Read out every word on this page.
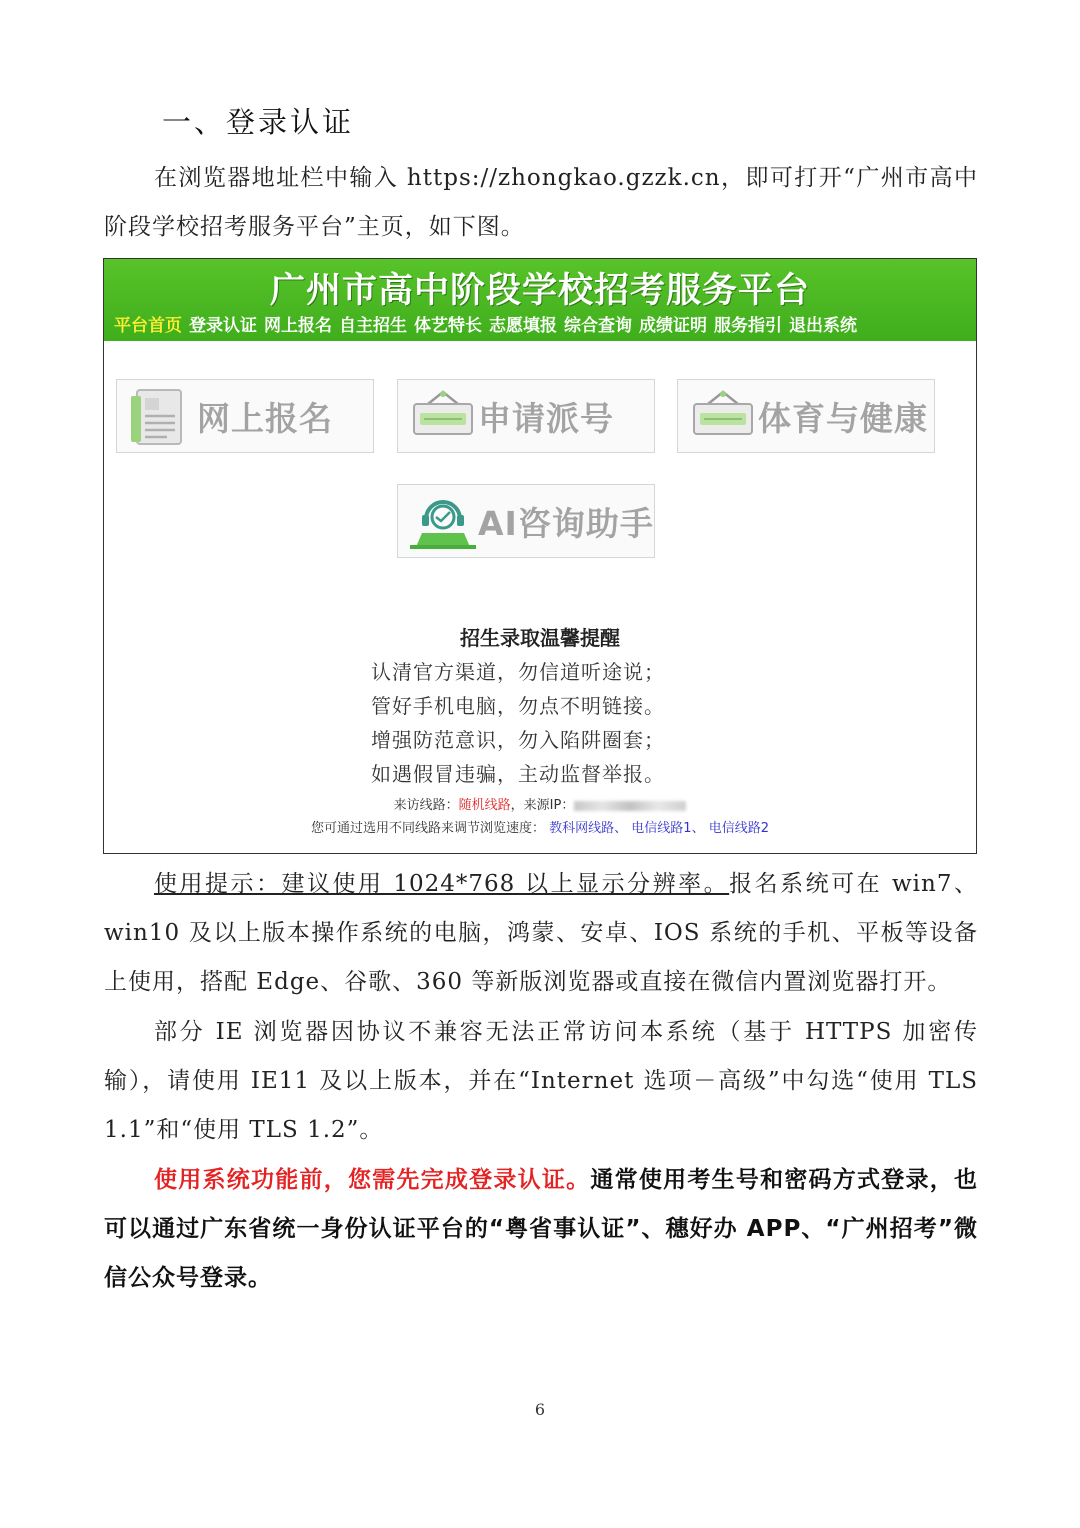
一、登录认证
在浏览器地址栏中输入 https://zhongkao.gzzk.cn，即可打开“广州市高中阶段学校招考服务平台”主页，如下图。
广州市高中阶段学校招考服务平台
平台首页 登录认证 网上报名 自主招生 体艺特长 志愿填报 综合查询 成绩证明 服务指引 退出系统
网上报名	申请派号	体育与健康
AI咨询助手
招生录取温馨提醒
认清官方渠道，勿信道听途说；
管好手机电脑，勿点不明链接。
增强防范意识，勿入陷阱圈套；
如遇假冒违骗，主动监督举报。
来访线路：随机线路，来源IP：
您可通过选用不同线路来调节浏览速度： 教科网线路、 电信线路1、 电信线路2
使用提示：建议使用 1024*768 以上显示分辨率。报名系统可在 win7、win10 及以上版本操作系统的电脑，鸿蒙、安卓、IOS 系统的手机、平板等设备上使用，搭配 Edge、谷歌、360 等新版浏览器或直接在微信内置浏览器打开。
部分 IE 浏览器因协议不兼容无法正常访问本系统（基于 HTTPS 加密传输），请使用 IE11 及以上版本，并在“Internet 选项－高级”中勾选“使用 TLS 1.1”和“使用 TLS 1.2”。
使用系统功能前，您需先完成登录认证。通常使用考生号和密码方式登录，也可以通过广东省统一身份认证平台的“粤省事认证”、穗好办 APP、“广州招考”微信公众号登录。
6
